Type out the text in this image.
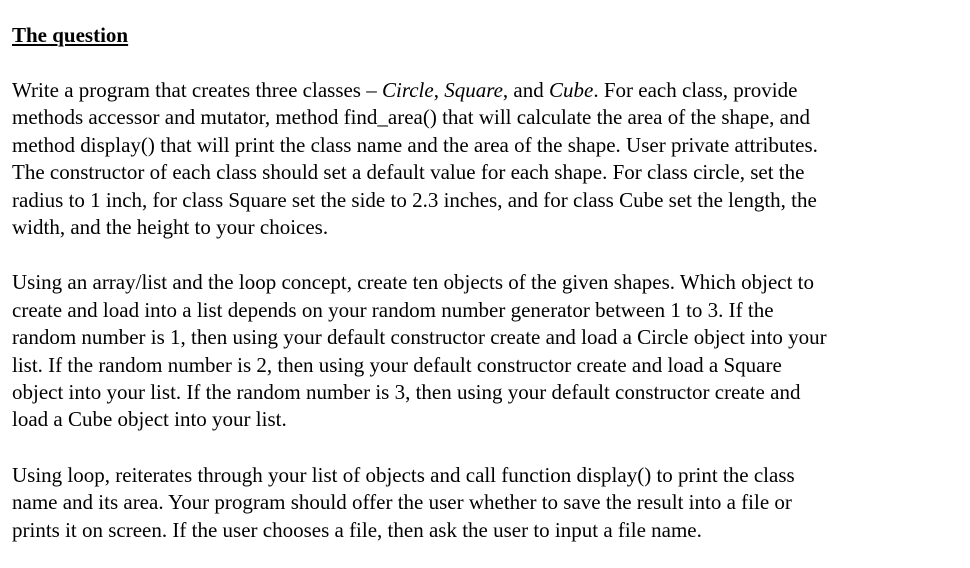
The question

Write a program that creates three classes – Circle, Square, and Cube. For each class, provide
methods accessor and mutator, method find_area() that will calculate the area of the shape, and
method display() that will print the class name and the area of the shape. User private attributes.
The constructor of each class should set a default value for each shape. For class circle, set the
radius to 1 inch, for class Square set the side to 2.3 inches, and for class Cube set the length, the
width, and the height to your choices.

Using an array/list and the loop concept, create ten objects of the given shapes. Which object to
create and load into a list depends on your random number generator between 1 to 3. If the
random number is 1, then using your default constructor create and load a Circle object into your
list. If the random number is 2, then using your default constructor create and load a Square
object into your list. If the random number is 3, then using your default constructor create and
load a Cube object into your list.

Using loop, reiterates through your list of objects and call function display() to print the class
name and its area. Your program should offer the user whether to save the result into a file or
prints it on screen. If the user chooses a file, then ask the user to input a file name.
